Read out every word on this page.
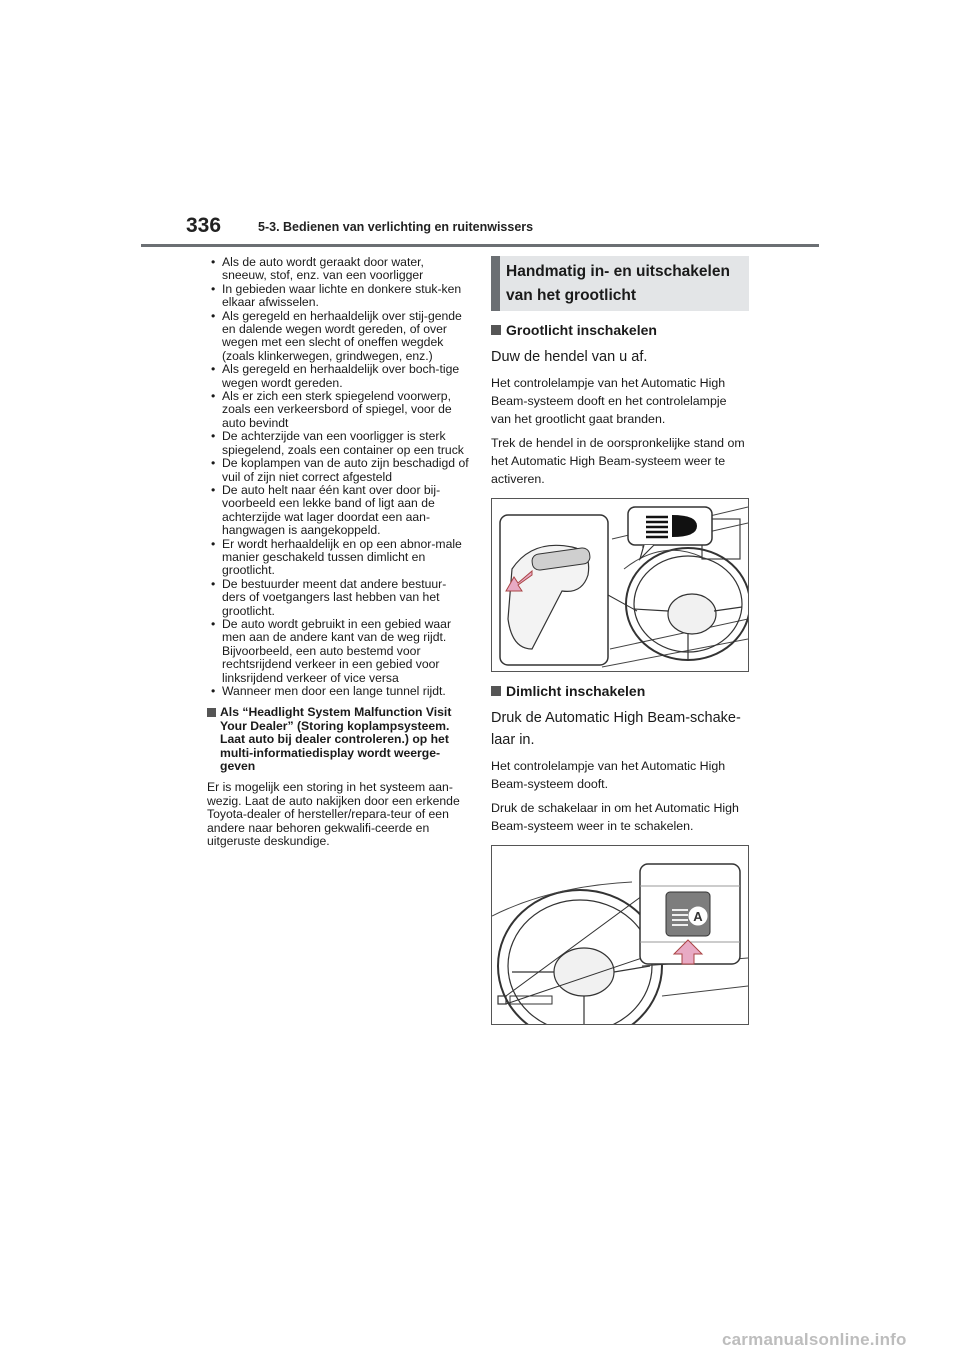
336	5-3. Bedienen van verlichting en ruitenwissers
• Als de auto wordt geraakt door water, sneeuw, stof, enz. van een voorligger
• In gebieden waar lichte en donkere stuk-ken elkaar afwisselen.
• Als geregeld en herhaaldelijk over stij-gende en dalende wegen wordt gereden, of over wegen met een slecht of oneffen wegdek (zoals klinkerwegen, grindwegen, enz.)
• Als geregeld en herhaaldelijk over boch-tige wegen wordt gereden.
• Als er zich een sterk spiegelend voorwerp, zoals een verkeersbord of spiegel, voor de auto bevindt
• De achterzijde van een voorligger is sterk spiegelend, zoals een container op een truck
• De koplampen van de auto zijn beschadigd of vuil of zijn niet correct afgesteld
• De auto helt naar één kant over door bij-voorbeeld een lekke band of ligt aan de achterzijde wat lager doordat een aan-hangwagen is aangekoppeld.
• Er wordt herhaaldelijk en op een abnor-male manier geschakeld tussen dimlicht en grootlicht.
• De bestuurder meent dat andere bestuur-ders of voetgangers last hebben van het grootlicht.
• De auto wordt gebruikt in een gebied waar men aan de andere kant van de weg rijdt. Bijvoorbeeld, een auto bestemd voor rechtsrijdend verkeer in een gebied voor linksrijdend verkeer of vice versa
• Wanneer men door een lange tunnel rijdt.
Als “Headlight System Malfunction Visit Your Dealer” (Storing koplampsysteem. Laat auto bij dealer controleren.) op het multi-informatiedisplay wordt weerge-geven

Er is mogelijk een storing in het systeem aan-wezig. Laat de auto nakijken door een erkende Toyota-dealer of hersteller/repara-teur of een andere naar behoren gekwalifi-ceerde en uitgeruste deskundige.

Handmatig in- en uitschakelen van het grootlicht
Grootlicht inschakelen

Duw de hendel van u af.

Het controlelampje van het Automatic High Beam-systeem dooft en het controlelampje van het grootlicht gaat branden.

Trek de hendel in de oorspronkelijke stand om het Automatic High Beam-systeem weer te activeren.

Dimlicht inschakelen

Druk de Automatic High Beam-schake-laar in.

Het controlelampje van het Automatic High Beam-systeem dooft.

Druk de schakelaar in om het Automatic High Beam-systeem weer in te schakelen.

A
carmanualsonline.info
